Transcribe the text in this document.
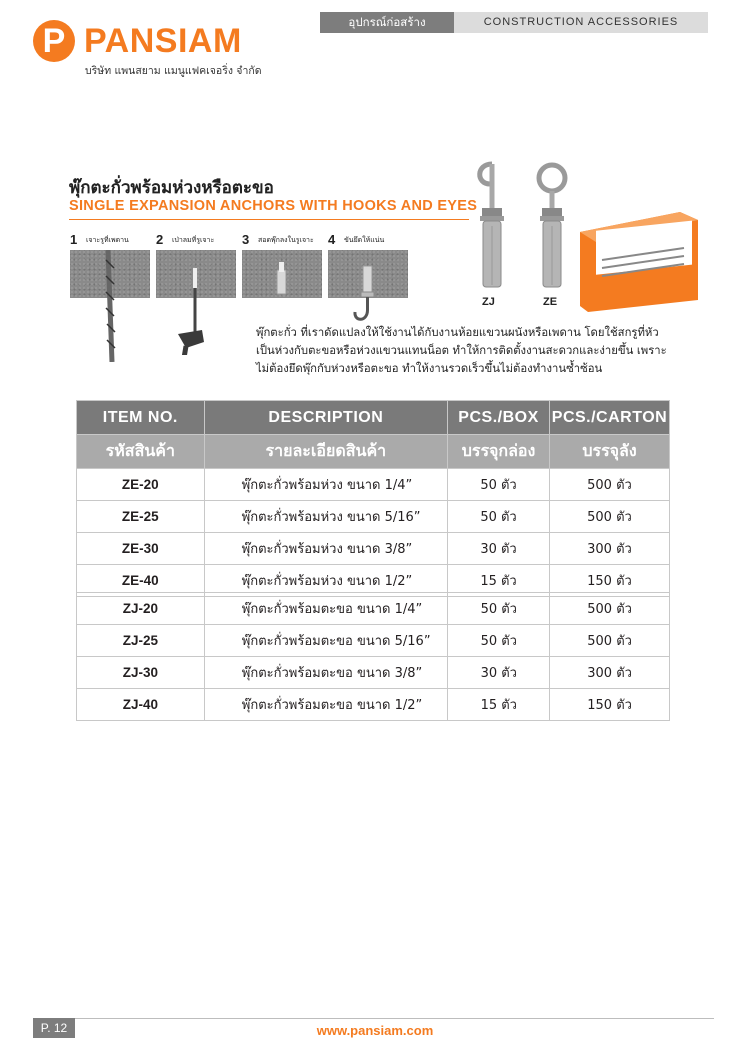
P PANSIAM
บริษัท แพนสยาม แมนูแฟคเจอริ่ง จำกัด
อุปกรณ์ก่อสร้าง	CONSTRUCTION ACCESSORIES
พุ๊กตะกั่วพร้อมห่วงหรือตะขอ
SINGLE EXPANSION ANCHORS WITH HOOKS AND EYES
1 เจาะรูที่เพดาน 2 เป่าลมที่รูเจาะ 3 สอดพุ๊กลงในรูเจาะ 4 ขันยึดให้แน่น
ZJ	ZE
พุ๊กตะกั่ว ที่เราดัดแปลงให้ใช้งานได้กับงานห้อยแขวนผนังหรือเพดาน โดยใช้สกรูที่หัว
เป็นห่วงกับตะขอหรือห่วงแขวนแทนน็อต ทำให้การติดตั้งงานสะดวกและง่ายขึ้น เพราะ
ไม่ต้องยึดพุ๊กกับห่วงหรือตะขอ ทำให้งานรวดเร็วขึ้นไม่ต้องทำงานซ้ำซ้อน
ITEM NO.	DESCRIPTION	PCS./BOX	PCS./CARTON
รหัสสินค้า	รายละเอียดสินค้า	บรรจุกล่อง	บรรจุลัง
ZE-20	พุ๊กตะกั่วพร้อมห่วง ขนาด 1/4”	50 ตัว	500 ตัว
ZE-25	พุ๊กตะกั่วพร้อมห่วง ขนาด 5/16”	50 ตัว	500 ตัว
ZE-30	พุ๊กตะกั่วพร้อมห่วง ขนาด 3/8”	30 ตัว	300 ตัว
ZE-40	พุ๊กตะกั่วพร้อมห่วง ขนาด 1/2”	15 ตัว	150 ตัว
ZJ-20	พุ๊กตะกั่วพร้อมตะขอ ขนาด 1/4”	50 ตัว	500 ตัว
ZJ-25	พุ๊กตะกั่วพร้อมตะขอ ขนาด 5/16”	50 ตัว	500 ตัว
ZJ-30	พุ๊กตะกั่วพร้อมตะขอ ขนาด 3/8”	30 ตัว	300 ตัว
ZJ-40	พุ๊กตะกั่วพร้อมตะขอ ขนาด 1/2”	15 ตัว	150 ตัว
P. 12	www.pansiam.com
